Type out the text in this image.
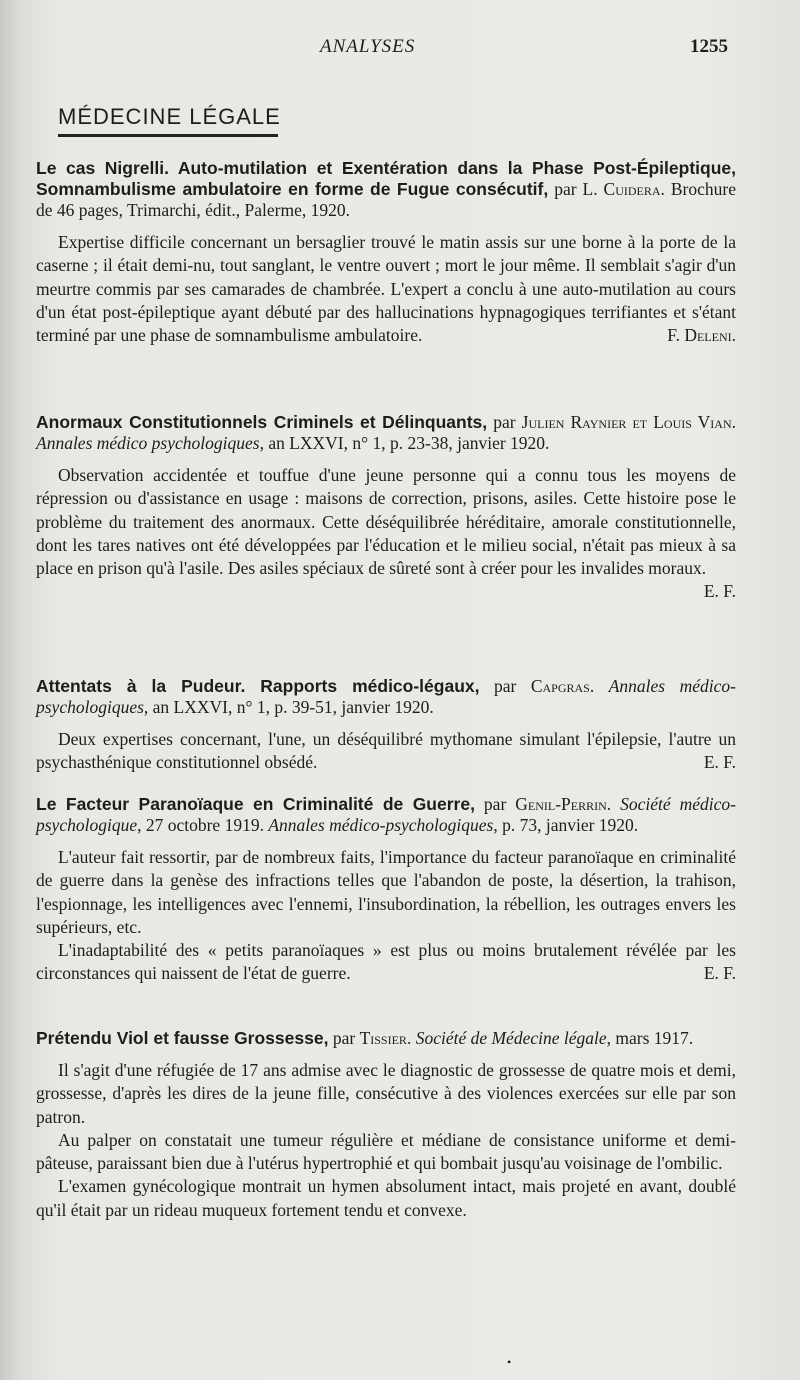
ANALYSES	1255
MÉDECINE LÉGALE

Le cas Nigrelli. Auto-mutilation et Exentération dans la Phase Post-Épileptique, Somnambulisme ambulatoire en forme de Fugue consécutif, par L. Cuidera. Brochure de 46 pages, Trimarchi, édit., Palerme, 1920.

Expertise difficile concernant un bersaglier trouvé le matin assis sur une borne à la porte de la caserne ; il était demi-nu, tout sanglant, le ventre ouvert ; mort le jour même. Il semblait s'agir d'un meurtre commis par ses camarades de chambrée. L'expert a conclu à une auto-mutilation au cours d'un état post-épileptique ayant débuté par des hallucinations hypnagogiques terrifiantes et s'étant terminé par une phase de somnambulisme ambulatoire.	F. Deleni.

Anormaux Constitutionnels Criminels et Délinquants, par Julien Raynier et Louis Vian. Annales médico psychologiques, an LXXVI, n° 1, p. 23-38, janvier 1920.

Observation accidentée et touffue d'une jeune personne qui a connu tous les moyens de répression ou d'assistance en usage : maisons de correction, prisons, asiles. Cette histoire pose le problème du traitement des anormaux. Cette déséquilibrée héréditaire, amorale constitutionnelle, dont les tares natives ont été développées par l'éducation et le milieu social, n'était pas mieux à sa place en prison qu'à l'asile. Des asiles spéciaux de sûreté sont à créer pour les invalides moraux.
E. F.

Attentats à la Pudeur. Rapports médico-légaux, par Capgras. Annales médico-psychologiques, an LXXVI, n° 1, p. 39-51, janvier 1920.

Deux expertises concernant, l'une, un déséquilibré mythomane simulant l'épilepsie, l'autre un psychasthénique constitutionnel obsédé.	E. F.

Le Facteur Paranoïaque en Criminalité de Guerre, par Genil-Perrin. Société médico-psychologique, 27 octobre 1919. Annales médico-psychologiques, p. 73, janvier 1920.

L'auteur fait ressortir, par de nombreux faits, l'importance du facteur paranoïaque en criminalité de guerre dans la genèse des infractions telles que l'abandon de poste, la désertion, la trahison, l'espionnage, les intelligences avec l'ennemi, l'insubordination, la rébellion, les outrages envers les supérieurs, etc.

L'inadaptabilité des « petits paranoïaques » est plus ou moins brutalement révélée par les circonstances qui naissent de l'état de guerre.	E. F.

Prétendu Viol et fausse Grossesse, par Tissier. Société de Médecine légale, mars 1917.

Il s'agit d'une réfugiée de 17 ans admise avec le diagnostic de grossesse de quatre mois et demi, grossesse, d'après les dires de la jeune fille, consécutive à des violences exercées sur elle par son patron.

Au palper on constatait une tumeur régulière et médiane de consistance uniforme et demi-pâteuse, paraissant bien due à l'utérus hypertrophié et qui bombait jusqu'au voisinage de l'ombilic.

L'examen gynécologique montrait un hymen absolument intact, mais projeté en avant, doublé qu'il était par un rideau muqueux fortement tendu et convexe.

•
